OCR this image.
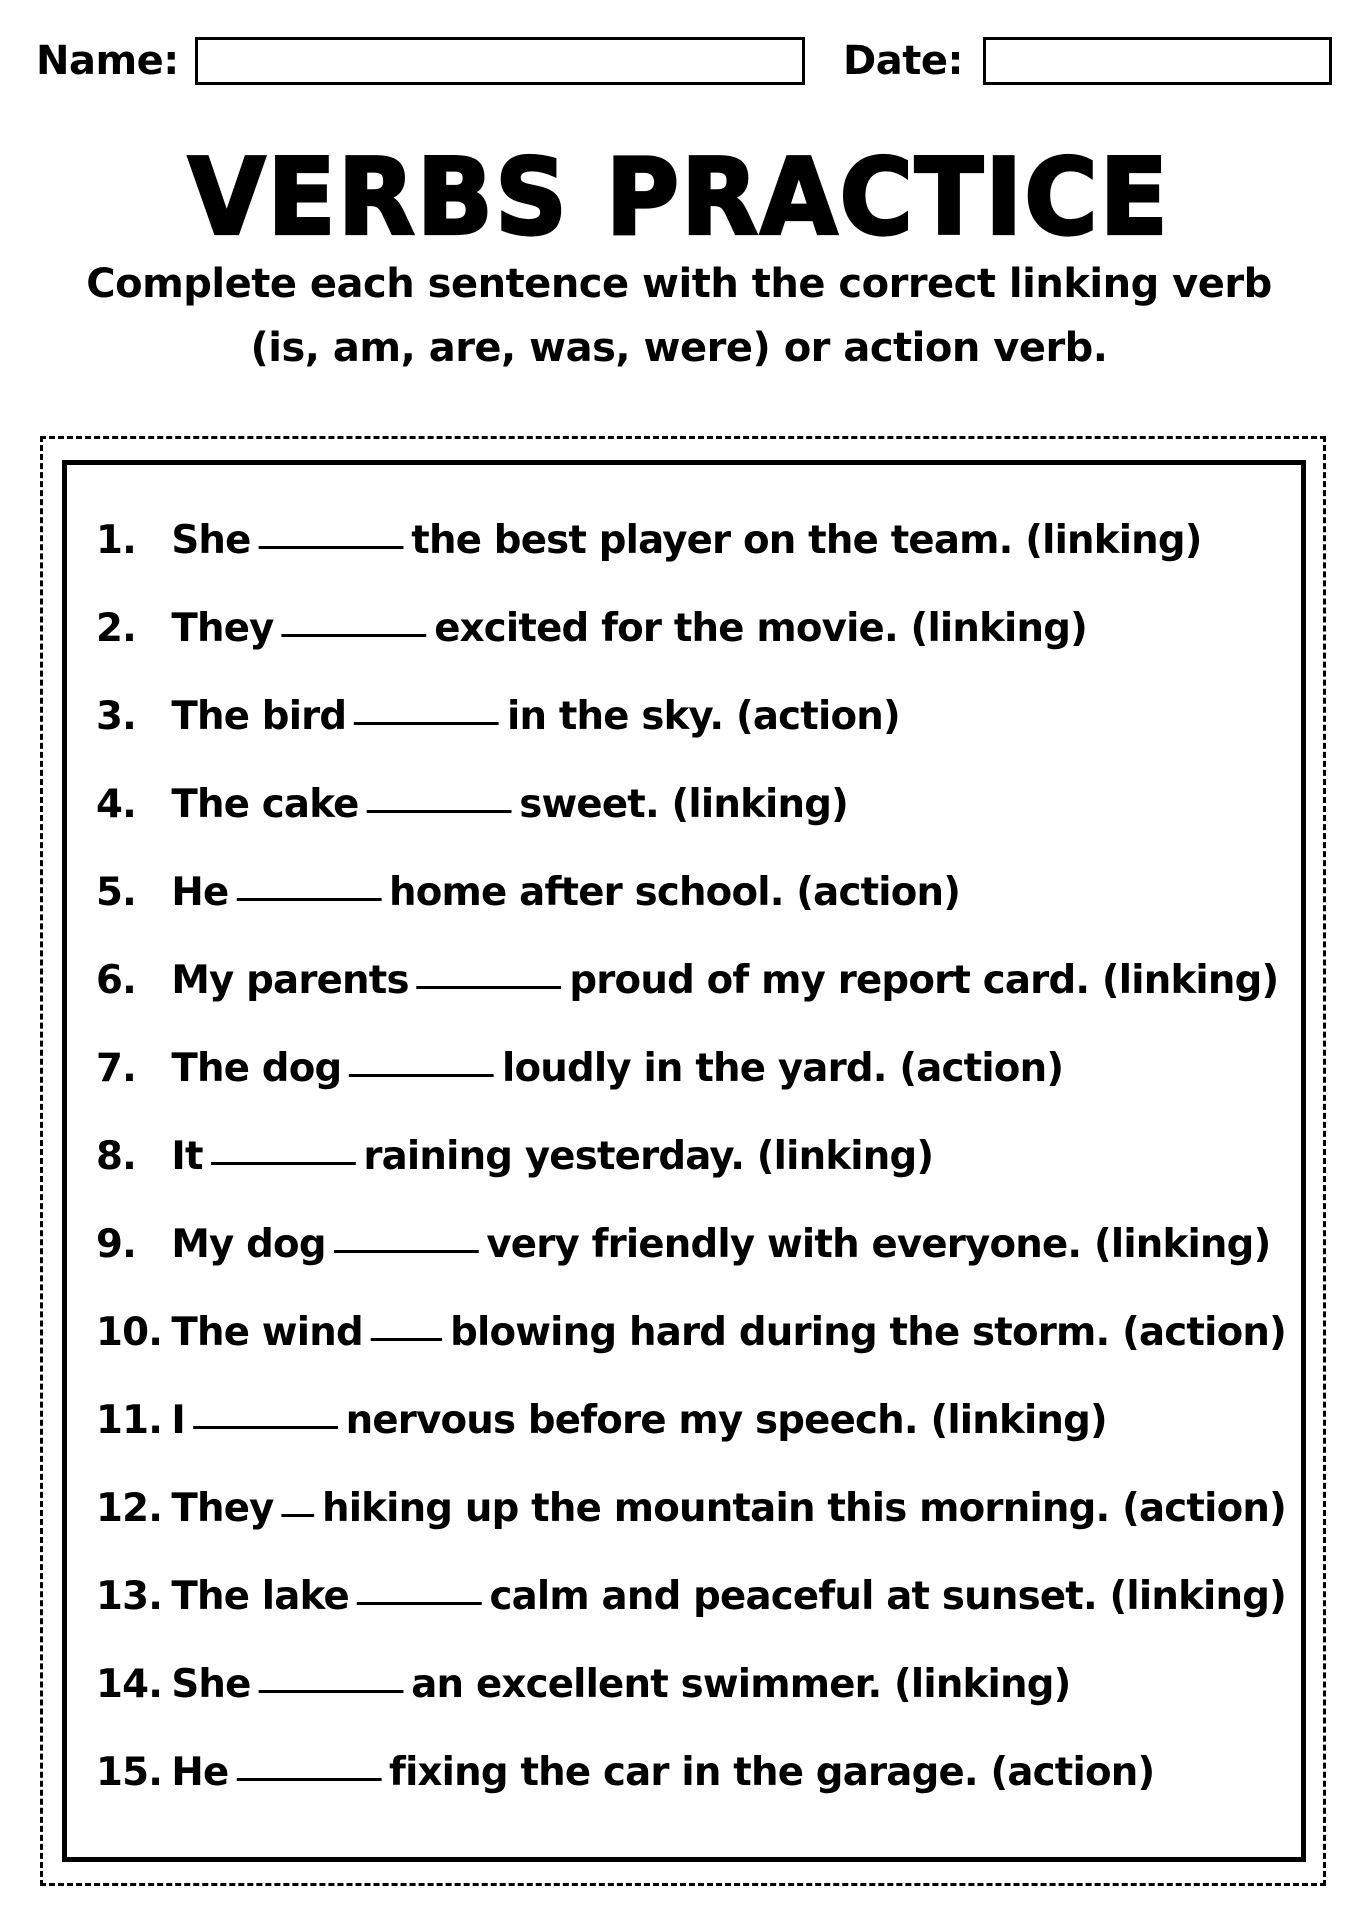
Name:	Date:
VERBS PRACTICE
Complete each sentence with the correct linking verb (is, am, are, was, were) or action verb.
1. She	the best player on the team. (linking)
2. They	excited for the movie. (linking)
3. The bird	in the sky. (action)
4. The cake	sweet. (linking)
5. He	home after school. (action)
6. My parents	proud of my report card. (linking)
7. The dog	loudly in the yard. (action)
8. It	raining yesterday. (linking)
9. My dog	very friendly with everyone. (linking)
10. The wind blowing hard during the storm. (action)
11. I	nervous before my speech. (linking)
12. They hiking up the mountain this morning. (action)
13. The lake	calm and peaceful at sunset. (linking)
14. She	an excellent swimmer. (linking)
15. He	fixing the car in the garage. (action)
